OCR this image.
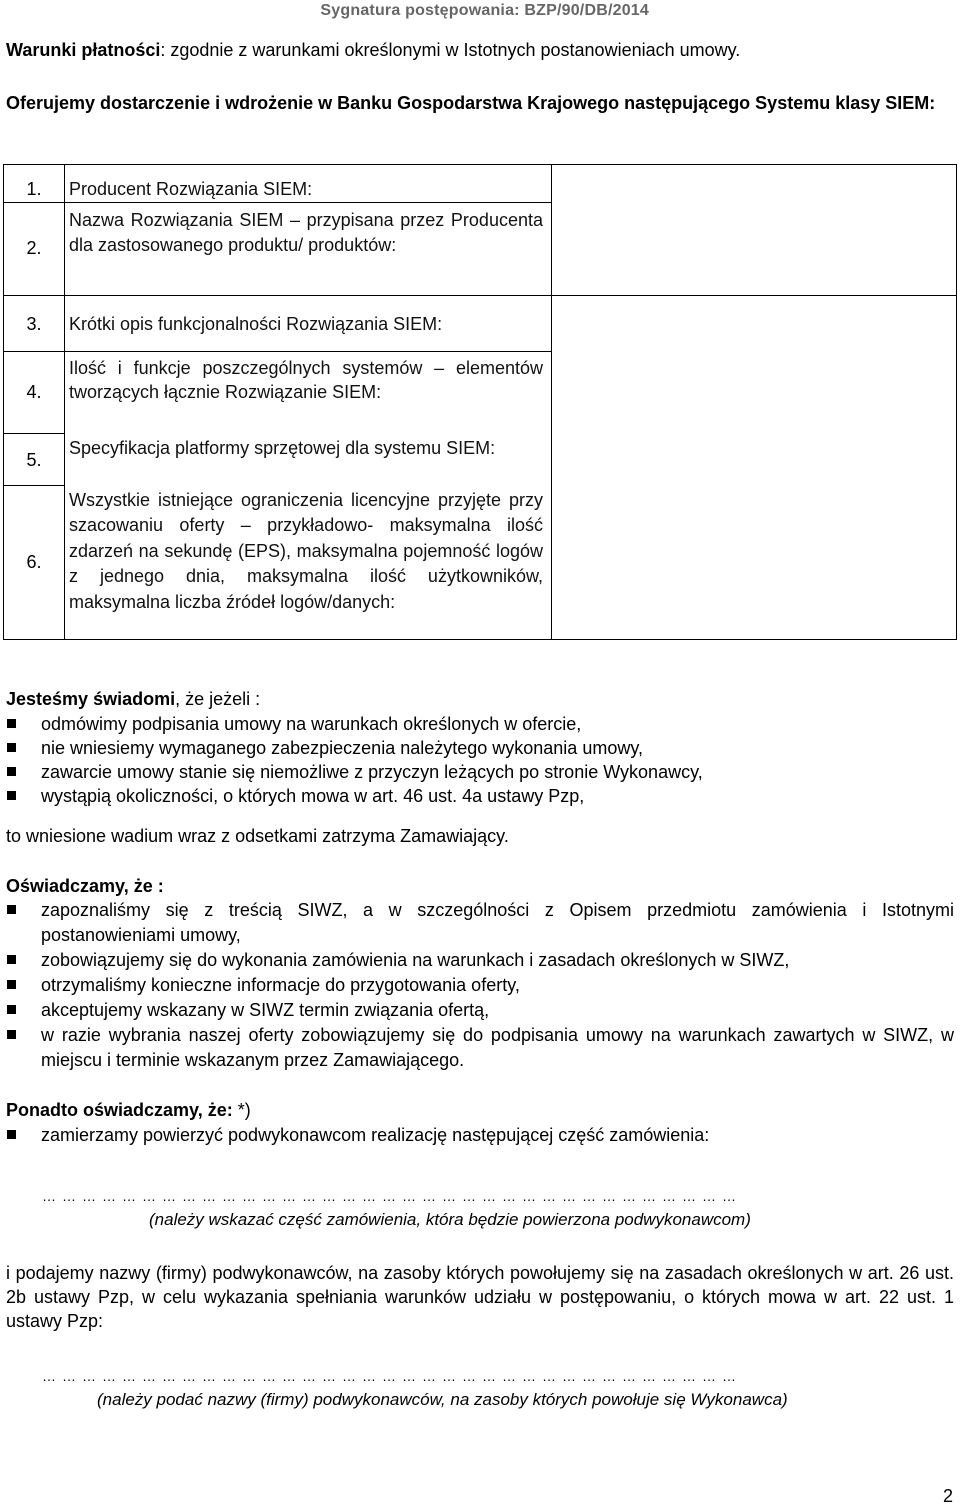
Sygnatura postępowania: BZP/90/DB/2014

Warunki płatności: zgodnie z warunkami określonymi w Istotnych postanowieniach umowy.

Oferujemy dostarczenie i wdrożenie w Banku Gospodarstwa Krajowego następującego Systemu klasy SIEM:

1.	Producent Rozwiązania SIEM:	
2.	Nazwa Rozwiązania SIEM – przypisana przez Producenta dla zastosowanego produktu/ produktów:	
3.	Krótki opis funkcjonalności Rozwiązania SIEM:	
4.	Ilość i funkcje poszczególnych systemów – elementów tworzących łącznie Rozwiązanie SIEM:	
5.	Specyfikacja platformy sprzętowej dla systemu SIEM:	
6.	Wszystkie istniejące ograniczenia licencyjne przyjęte przy szacowaniu oferty – przykładowo- maksymalna ilość zdarzeń na sekundę (EPS), maksymalna pojemność logów z jednego dnia, maksymalna ilość użytkowników, maksymalna liczba źródeł logów/danych:	

Jesteśmy świadomi, że jeżeli :

odmówimy podpisania umowy na warunkach określonych w ofercie,
nie wniesiemy wymaganego zabezpieczenia należytego wykonania umowy,
zawarcie umowy stanie się niemożliwe z przyczyn leżących po stronie Wykonawcy,
wystąpią okoliczności, o których mowa w art. 46 ust. 4a ustawy Pzp,

to wniesione wadium wraz z odsetkami zatrzyma Zamawiający.

Oświadczamy, że :

zapoznaliśmy się z treścią SIWZ, a w szczególności z Opisem przedmiotu zamówienia i Istotnymi postanowieniami umowy,
zobowiązujemy się do wykonania zamówienia na warunkach i zasadach określonych w SIWZ,
otrzymaliśmy konieczne informacje do przygotowania oferty,
akceptujemy wskazany w SIWZ termin związania ofertą,
w razie wybrania naszej oferty zobowiązujemy się do podpisania umowy na warunkach zawartych w SIWZ, w miejscu i terminie wskazanym przez Zamawiającego.

Ponadto oświadczamy, że: *)

zamierzamy powierzyć podwykonawcom realizację następującej część zamówienia:
……………………………………………………………………………………………
(należy wskazać część zamówienia, która będzie powierzona podwykonawcom)

i podajemy nazwy (firmy) podwykonawców, na zasoby których powołujemy się na zasadach określonych w art. 26 ust. 2b ustawy Pzp, w celu wykazania spełniania warunków udziału w postępowaniu, o których mowa w art. 22 ust. 1 ustawy Pzp:

……………………………………………………………………………………………
(należy podać nazwy (firmy) podwykonawców, na zasoby których powołuje się Wykonawca)
2
